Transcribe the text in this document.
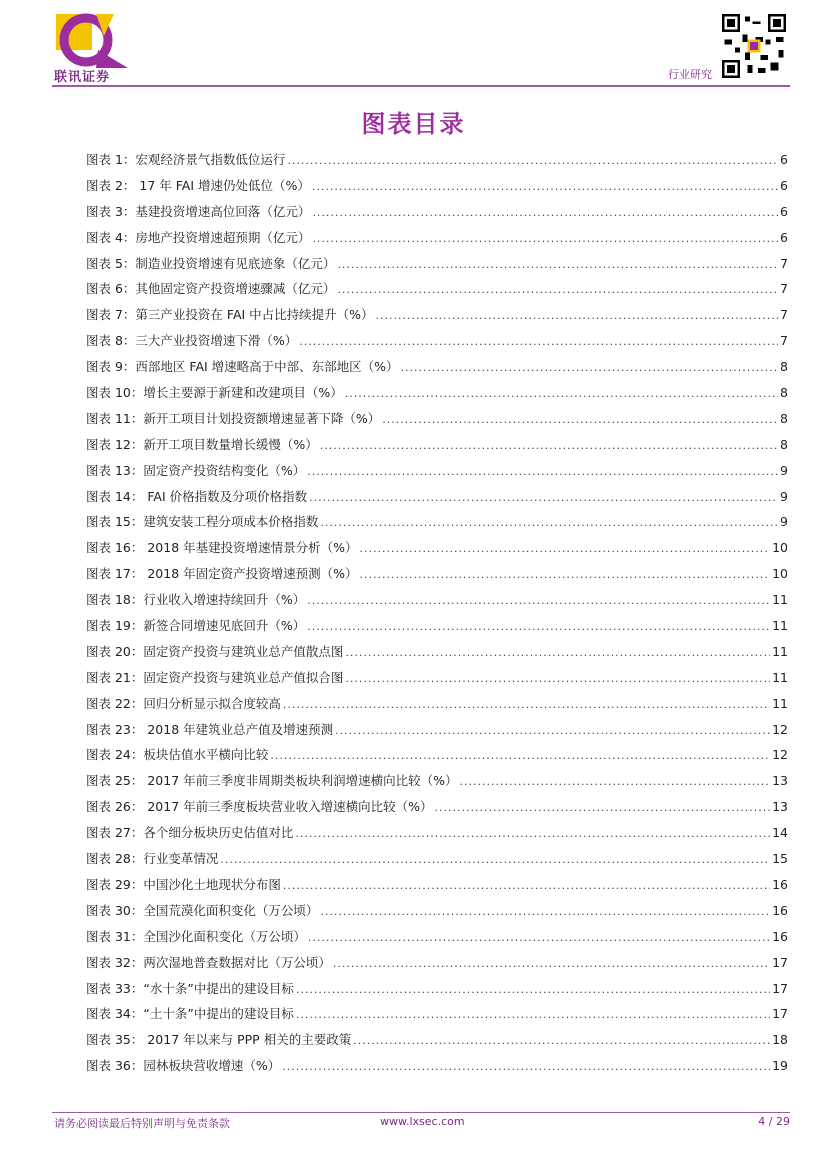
联讯证券	行业研究
图表目录
图表 1：宏观经济景气指数低位运行 .....	6
图表 2： 17 年 FAI 增速仍处低位（%） .....	6
图表 3：基建投资增速高位回落（亿元） .....	6
图表 4：房地产投资增速超预期（亿元） .....	6
图表 5：制造业投资增速有见底迹象（亿元） .....	7
图表 6：其他固定资产投资增速骤减（亿元） .....	7
图表 7：第三产业投资在 FAI 中占比持续提升（%） .....	7
图表 8：三大产业投资增速下滑（%） .....	7
图表 9：西部地区 FAI 增速略高于中部、东部地区（%） .....	8
图表 10：增长主要源于新建和改建项目（%） .....	8
图表 11：新开工项目计划投资额增速显著下降（%） .....	8
图表 12：新开工项目数量增长缓慢（%） .....	8
图表 13：固定资产投资结构变化（%） .....	9
图表 14： FAI 价格指数及分项价格指数 .....	9
图表 15：建筑安装工程分项成本价格指数 .....	9
图表 16： 2018 年基建投资增速情景分析（%） .....	10
图表 17： 2018 年固定资产投资增速预测（%） .....	10
图表 18：行业收入增速持续回升（%） .....	11
图表 19：新签合同增速见底回升（%） .....	11
图表 20：固定资产投资与建筑业总产值散点图 .....	11
图表 21：固定资产投资与建筑业总产值拟合图 .....	11
图表 22：回归分析显示拟合度较高 .....	11
图表 23： 2018 年建筑业总产值及增速预测 .....	12
图表 24：板块估值水平横向比较 .....	12
图表 25： 2017 年前三季度非周期类板块利润增速横向比较（%） .....	13
图表 26： 2017 年前三季度板块营业收入增速横向比较（%） .....	13
图表 27：各个细分板块历史估值对比 .....	14
图表 28：行业变革情况 .....	15
图表 29：中国沙化土地现状分布图 .....	16
图表 30：全国荒漠化面积变化（万公顷） .....	16
图表 31：全国沙化面积变化（万公顷） .....	16
图表 32：两次湿地普查数据对比（万公顷） .....	17
图表 33：“水十条”中提出的建设目标 .....	17
图表 34：“土十条”中提出的建设目标 .....	17
图表 35： 2017 年以来与 PPP 相关的主要政策 .....	18
图表 36：园林板块营收增速（%） .....	19
请务必阅读最后特别声明与免责条款	www.lxsec.com	4 / 29
